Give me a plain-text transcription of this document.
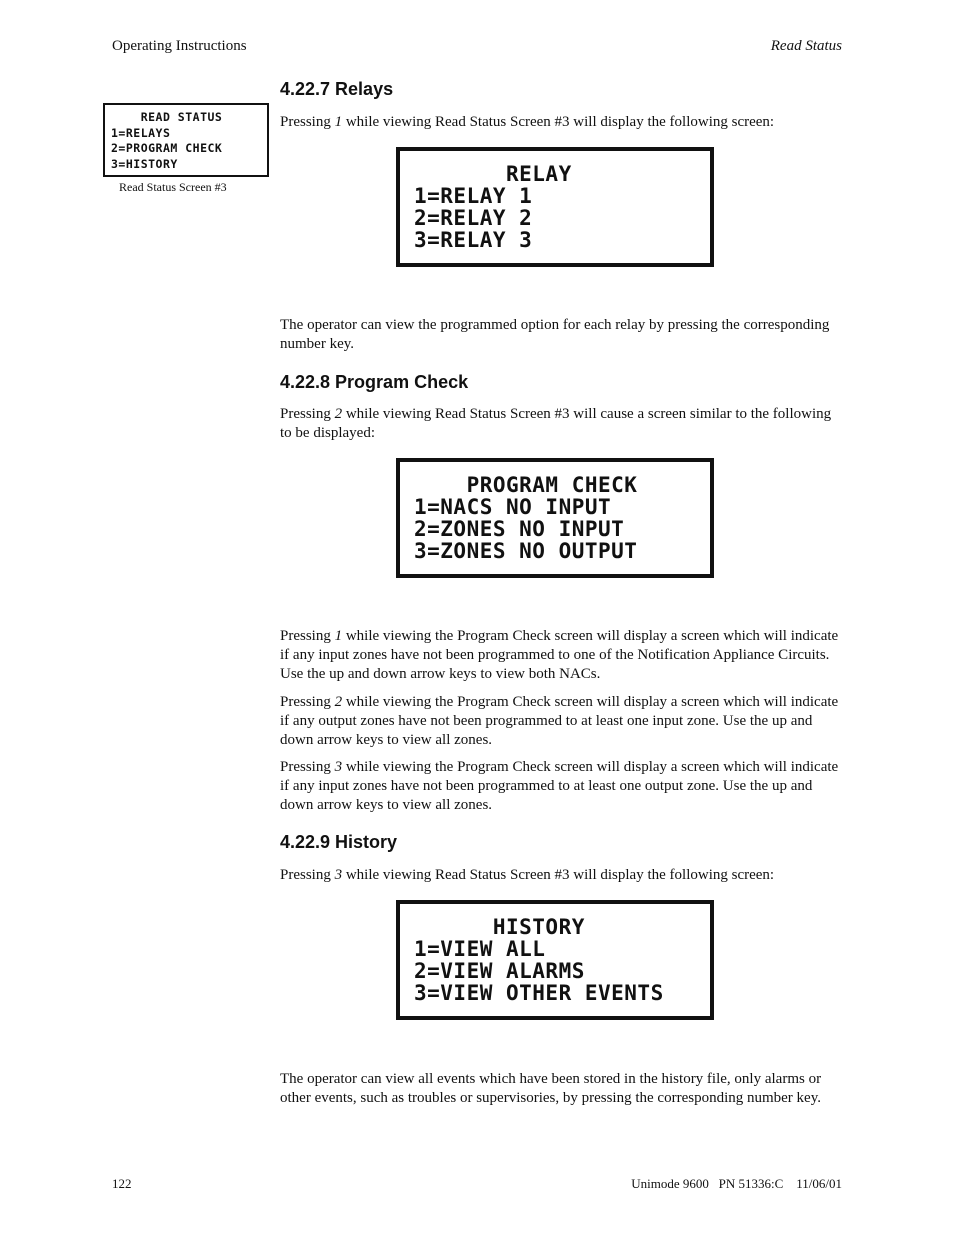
Operating Instructions	Read Status
READ STATUS
1=RELAYS
2=PROGRAM CHECK
3=HISTORY
Read Status Screen #3
4.22.7 Relays

Pressing 1 while viewing Read Status Screen #3 will display the following screen:

RELAY
1=RELAY 1
2=RELAY 2
3=RELAY 3

The operator can view the programmed option for each relay by pressing the corresponding number key.

4.22.8 Program Check

Pressing 2 while viewing Read Status Screen #3 will cause a screen similar to the following to be displayed:

PROGRAM CHECK
1=NACS NO INPUT
2=ZONES NO INPUT
3=ZONES NO OUTPUT

Pressing 1 while viewing the Program Check screen will display a screen which will indicate if any input zones have not been programmed to one of the Notification Appliance Circuits. Use the up and down arrow keys to view both NACs.

Pressing 2 while viewing the Program Check screen will display a screen which will indicate if any output zones have not been programmed to at least one input zone. Use the up and down arrow keys to view all zones.

Pressing 3 while viewing the Program Check screen will display a screen which will indicate if any input zones have not been programmed to at least one output zone. Use the up and down arrow keys to view all zones.

4.22.9 History

Pressing 3 while viewing Read Status Screen #3 will display the following screen:

HISTORY
1=VIEW ALL
2=VIEW ALARMS
3=VIEW OTHER EVENTS

The operator can view all events which have been stored in the history file, only alarms or other events, such as troubles or supervisories, by pressing the corresponding number key.

122	Unimode 9600   PN 51336:C    11/06/01
